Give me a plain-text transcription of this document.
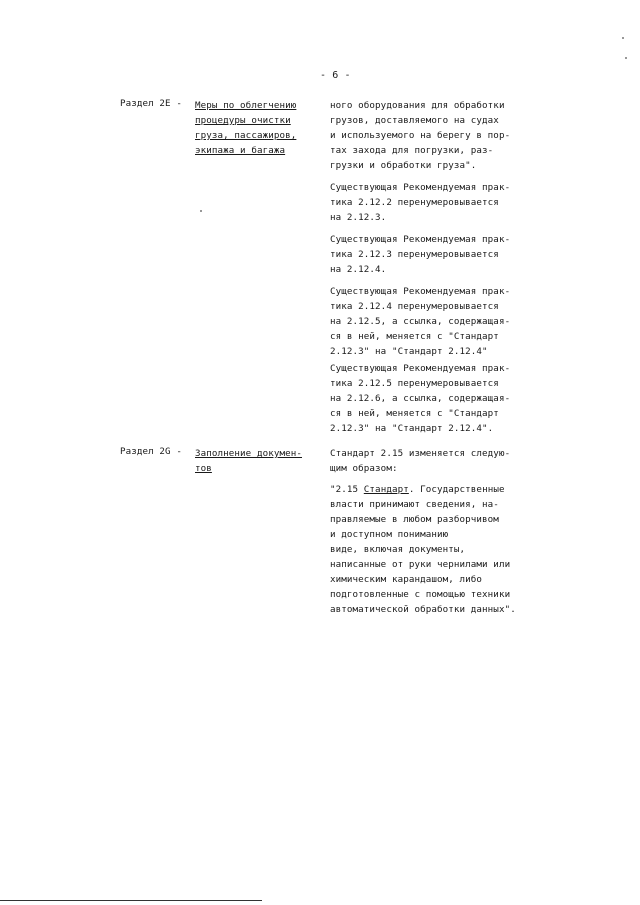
- 6 -
Раздел 2E - Меры по облегчению
процедуры очистки
груза, пассажиров,
экипажа и багажа
Раздел 2G - Заполнение докумен-
тов
ного оборудования для обработки
грузов, доставляемого на судах
и используемого на берегу в пор-
тах захода для погрузки, раз-
грузки и обработки груза".
Существующая Рекомендуемая прак-
тика 2.12.2 перенумеровывается
на 2.12.3.
Существующая Рекомендуемая прак-
тика 2.12.3 перенумеровывается
на 2.12.4.
Существующая Рекомендуемая прак-
тика 2.12.4 перенумеровывается
на 2.12.5, а ссылка, содержащая-
ся в ней, меняется с "Стандарт
2.12.3" на "Стандарт 2.12.4"
Существующая Рекомендуемая прак-
тика 2.12.5 перенумеровывается
на 2.12.6, а ссылка, содержащая-
ся в ней, меняется с "Стандарт
2.12.3" на "Стандарт 2.12.4".
Стандарт 2.15 изменяется следую-
щим образом:
"2.15 Стандарт. Государственные
власти принимают сведения, на-
правляемые в любом разборчивом
и доступном пониманию
виде, включая документы,
написанные от руки чернилами или
химическим карандашом, либо
подготовленные с помощью техники
автоматической обработки данных".
